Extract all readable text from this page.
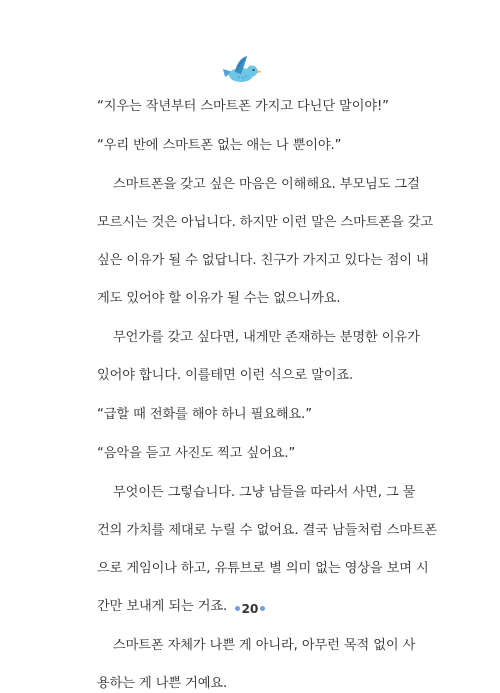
“지우는 작년부터 스마트폰 가지고 다닌단 말이야!”
“우리 반에 스마트폰 없는 애는 나 뿐이야.”
스마트폰을 갖고 싶은 마음은 이해해요. 부모님도 그걸
모르시는 것은 아닙니다. 하지만 이런 말은 스마트폰을 갖고
싶은 이유가 될 수 없답니다. 친구가 가지고 있다는 점이 내
게도 있어야 할 이유가 될 수는 없으니까요.
무언가를 갖고 싶다면, 내게만 존재하는 분명한 이유가
있어야 합니다. 이를테면 이런 식으로 말이죠.
“급할 때 전화를 해야 하니 필요해요.”
“음악을 듣고 사진도 찍고 싶어요.”
무엇이든 그렇습니다. 그냥 남들을 따라서 사면, 그 물
건의 가치를 제대로 누릴 수 없어요. 결국 남들처럼 스마트폰
으로 게임이나 하고, 유튜브로 별 의미 없는 영상을 보며 시
간만 보내게 되는 거죠.
스마트폰 자체가 나쁜 게 아니라, 아무런 목적 없이 사
용하는 게 나쁜 거예요.
20
